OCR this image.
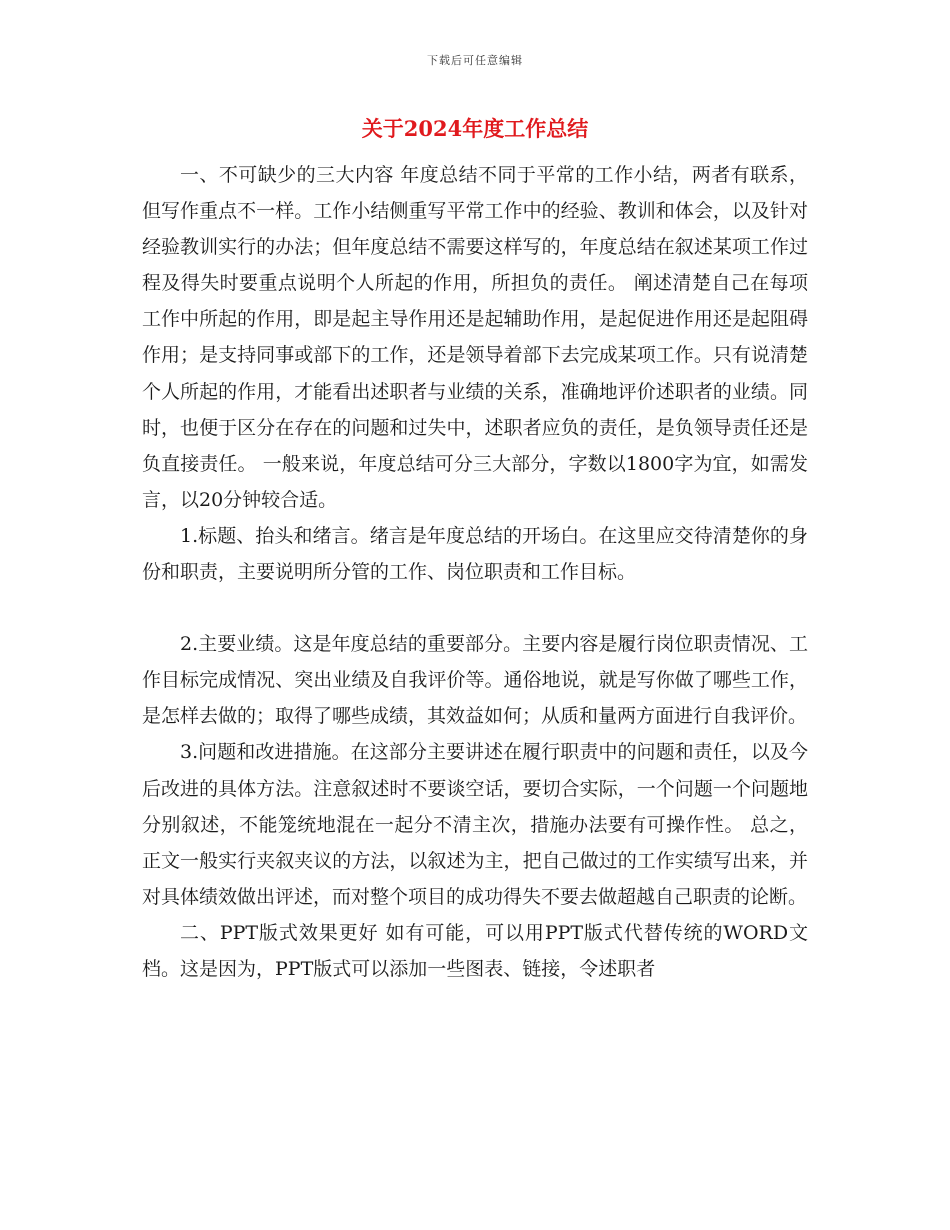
下载后可任意编辑
关于2024年度工作总结

一、不可缺少的三大内容 年度总结不同于平常的工作小结，两者有联系，但写作重点不一样。工作小结侧重写平常工作中的经验、教训和体会，以及针对经验教训实行的办法；但年度总结不需要这样写的，年度总结在叙述某项工作过程及得失时要重点说明个人所起的作用，所担负的责任。 阐述清楚自己在每项工作中所起的作用，即是起主导作用还是起辅助作用，是起促进作用还是起阻碍作用；是支持同事或部下的工作，还是领导着部下去完成某项工作。只有说清楚个人所起的作用，才能看出述职者与业绩的关系，准确地评价述职者的业绩。同时，也便于区分在存在的问题和过失中，述职者应负的责任，是负领导责任还是负直接责任。 一般来说，年度总结可分三大部分，字数以1800字为宜，如需发言，以20分钟较合适。

1.标题、抬头和绪言。绪言是年度总结的开场白。在这里应交待清楚你的身份和职责，主要说明所分管的工作、岗位职责和工作目标。

2.主要业绩。这是年度总结的重要部分。主要内容是履行岗位职责情况、工作目标完成情况、突出业绩及自我评价等。通俗地说，就是写你做了哪些工作，是怎样去做的；取得了哪些成绩，其效益如何；从质和量两方面进行自我评价。

3.问题和改进措施。在这部分主要讲述在履行职责中的问题和责任，以及今后改进的具体方法。注意叙述时不要谈空话，要切合实际，一个问题一个问题地分别叙述，不能笼统地混在一起分不清主次，措施办法要有可操作性。 总之，正文一般实行夹叙夹议的方法，以叙述为主，把自己做过的工作实绩写出来，并对具体绩效做出评述，而对整个项目的成功得失不要去做超越自己职责的论断。

二、PPT版式效果更好 如有可能，可以用PPT版式代替传统的WORD文档。这是因为，PPT版式可以添加一些图表、链接，令述职者
